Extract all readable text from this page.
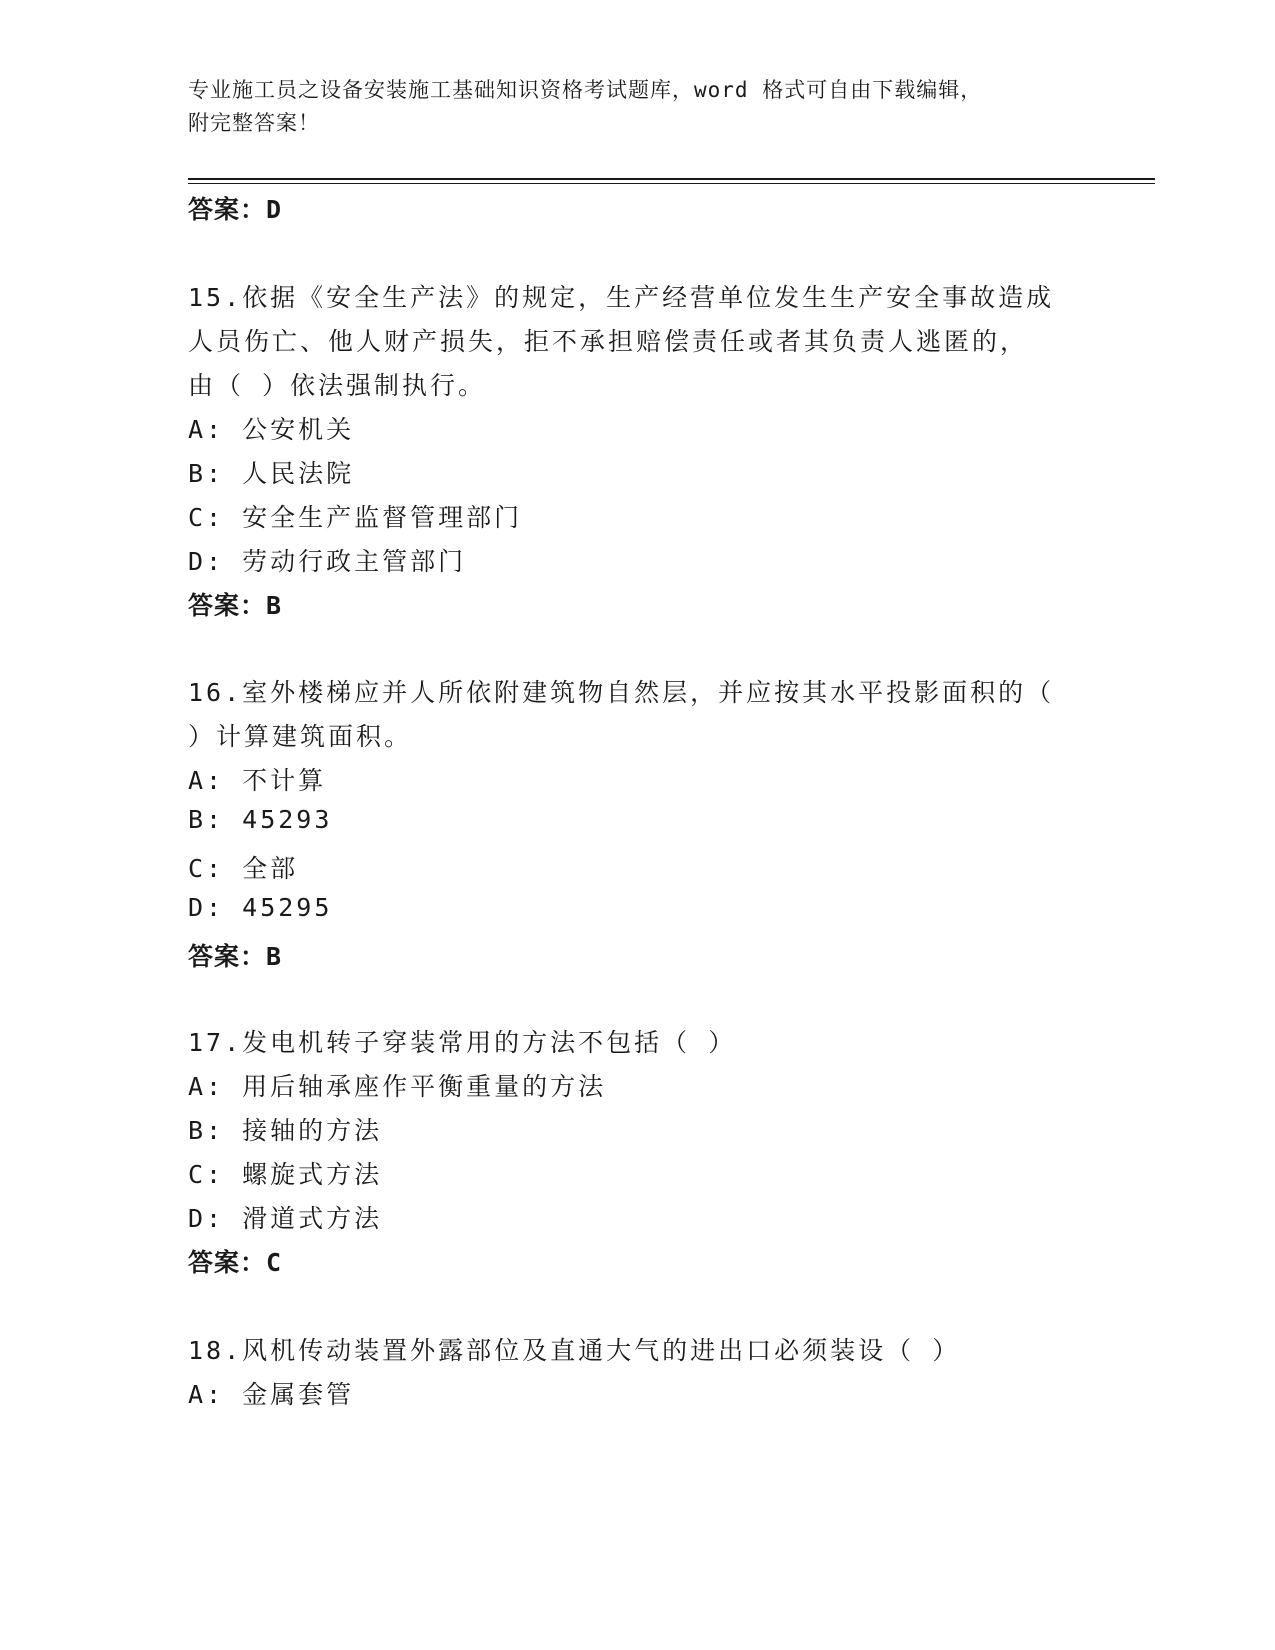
专业施工员之设备安装施工基础知识资格考试题库，word 格式可自由下载编辑，
附完整答案！
答案：D
15.依据《安全生产法》的规定，生产经营单位发生生产安全事故造成
人员伤亡、他人财产损失，拒不承担赔偿责任或者其负责人逃匿的，
由（ ）依法强制执行。
A: 公安机关
B: 人民法院
C: 安全生产监督管理部门
D: 劳动行政主管部门
答案：B
16.室外楼梯应并人所依附建筑物自然层，并应按其水平投影面积的（
）计算建筑面积。
A: 不计算
B: 45293
C: 全部
D: 45295
答案：B
17.发电机转子穿装常用的方法不包括（ ）
A: 用后轴承座作平衡重量的方法
B: 接轴的方法
C: 螺旋式方法
D: 滑道式方法
答案：C
18.风机传动装置外露部位及直通大气的进出口必须装设（ ）
A: 金属套管
